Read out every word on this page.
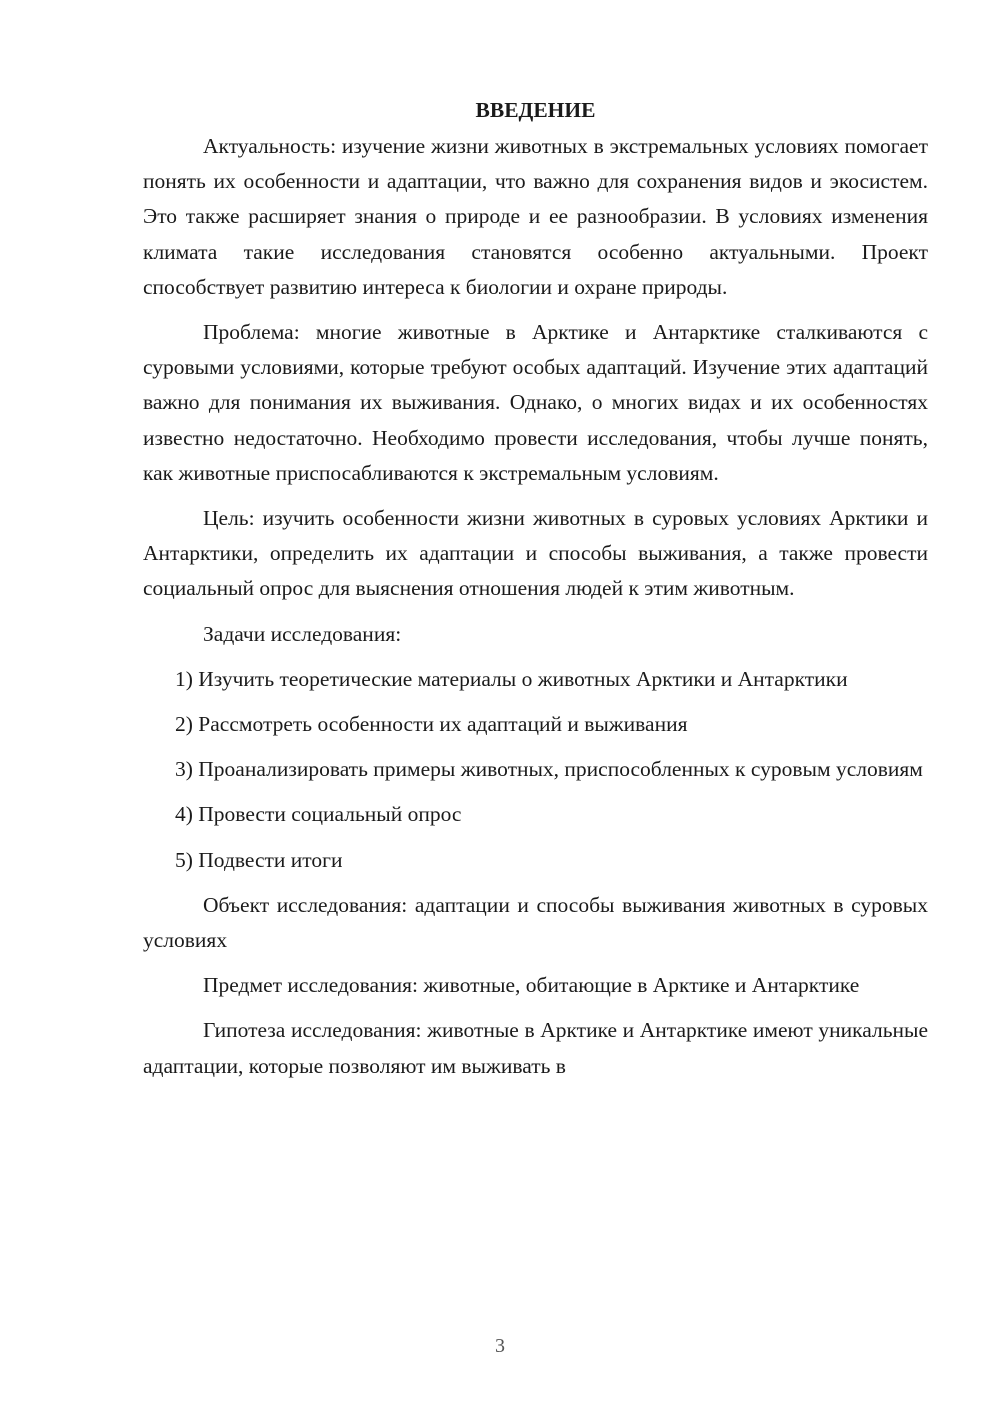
ВВЕДЕНИЕ

Актуальность: изучение жизни животных в экстремальных условиях помогает понять их особенности и адаптации, что важно для сохранения видов и экосистем. Это также расширяет знания о природе и ее разнообразии. В условиях изменения климата такие исследования становятся особенно актуальными. Проект способствует развитию интереса к биологии и охране природы.

Проблема: многие животные в Арктике и Антарктике сталкиваются с суровыми условиями, которые требуют особых адаптаций. Изучение этих адаптаций важно для понимания их выживания. Однако, о многих видах и их особенностях известно недостаточно. Необходимо провести исследования, чтобы лучше понять, как животные приспосабливаются к экстремальным условиям.

Цель: изучить особенности жизни животных в суровых условиях Арктики и Антарктики, определить их адаптации и способы выживания, а также провести социальный опрос для выяснения отношения людей к этим животным.

Задачи исследования:

1) Изучить теоретические материалы о животных Арктики и Антарктики

2) Рассмотреть особенности их адаптаций и выживания

3) Проанализировать примеры животных, приспособленных к суровым условиям

4) Провести социальный опрос

5) Подвести итоги

Объект исследования: адаптации и способы выживания животных в суровых условиях

Предмет исследования: животные, обитающие в Арктике и Антарктике

Гипотеза исследования: животные в Арктике и Антарктике имеют уникальные адаптации, которые позволяют им выживать в

3
